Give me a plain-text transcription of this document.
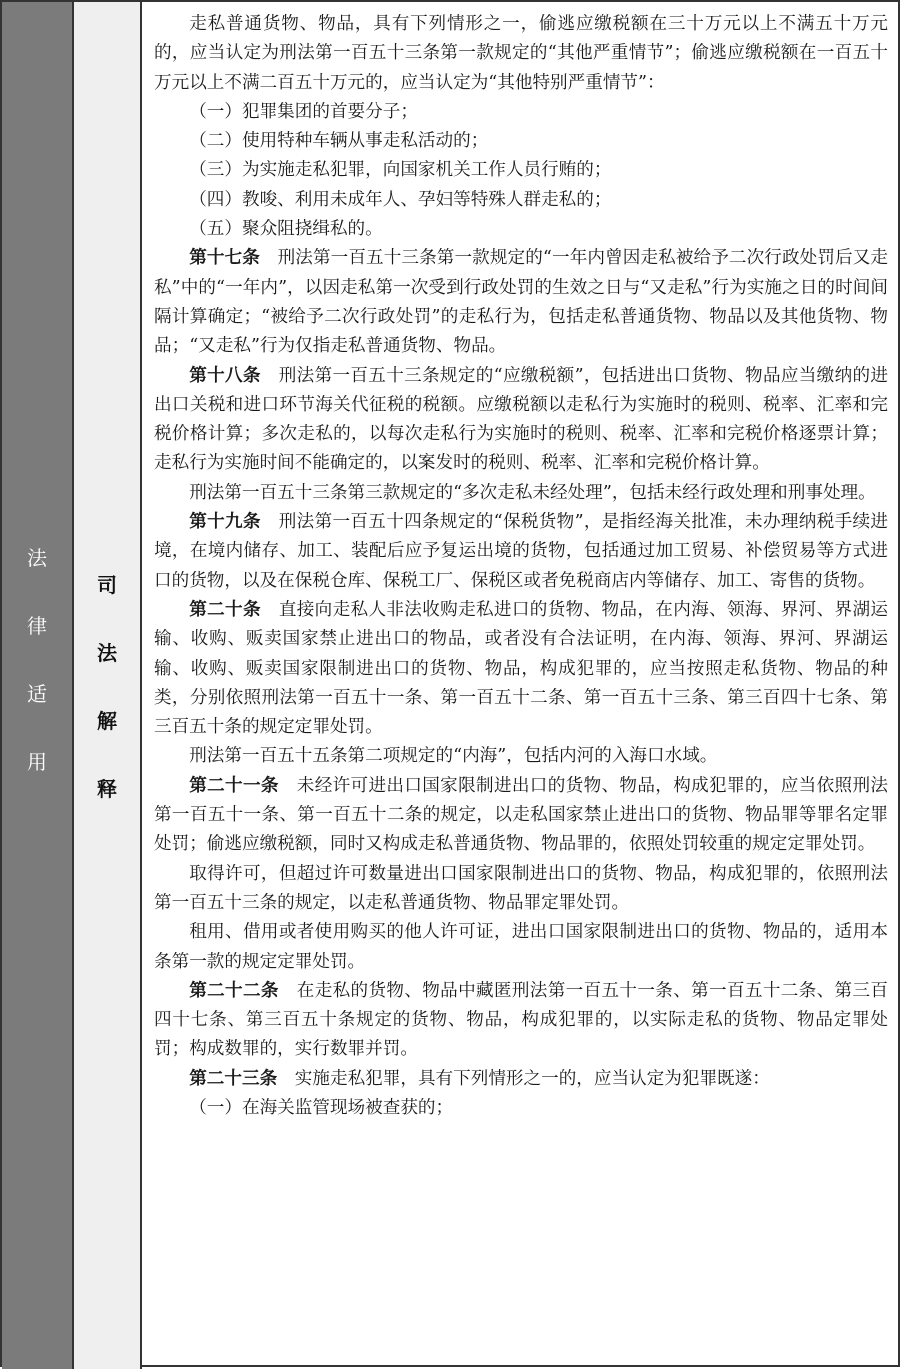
法
律
适
用
司
法
解
释

走私普通货物、物品，具有下列情形之一，偷逃应缴税额在三十万元以上不满五十万元的，应当认定为刑法第一百五十三条第一款规定的“其他严重情节”；偷逃应缴税额在一百五十万元以上不满二百五十万元的，应当认定为“其他特别严重情节”：

（一）犯罪集团的首要分子；

（二）使用特种车辆从事走私活动的；

（三）为实施走私犯罪，向国家机关工作人员行贿的；

（四）教唆、利用未成年人、孕妇等特殊人群走私的；

（五）聚众阻挠缉私的。

第十七条　 刑法第一百五十三条第一款规定的“一年内曾因走私被给予二次行政处罚后又走私”中的“一年内”，以因走私第一次受到行政处罚的生效之日与“又走私”行为实施之日的时间间隔计算确定；“被给予二次行政处罚”的走私行为，包括走私普通货物、物品以及其他货物、物品；“又走私”行为仅指走私普通货物、物品。

第十八条　 刑法第一百五十三条规定的“应缴税额”，包括进出口货物、物品应当缴纳的进出口关税和进口环节海关代征税的税额。应缴税额以走私行为实施时的税则、税率、汇率和完税价格计算；多次走私的，以每次走私行为实施时的税则、税率、汇率和完税价格逐票计算；走私行为实施时间不能确定的，以案发时的税则、税率、汇率和完税价格计算。

刑法第一百五十三条第三款规定的“多次走私未经处理”，包括未经行政处理和刑事处理。

第十九条　 刑法第一百五十四条规定的“保税货物”，是指经海关批准，未办理纳税手续进境，在境内储存、加工、装配后应予复运出境的货物，包括通过加工贸易、补偿贸易等方式进口的货物，以及在保税仓库、保税工厂、保税区或者免税商店内等储存、加工、寄售的货物。

第二十条　 直接向走私人非法收购走私进口的货物、物品，在内海、领海、界河、界湖运输、收购、贩卖国家禁止进出口的物品，或者没有合法证明，在内海、领海、界河、界湖运输、收购、贩卖国家限制进出口的货物、物品，构成犯罪的，应当按照走私货物、物品的种类，分别依照刑法第一百五十一条、第一百五十二条、第一百五十三条、第三百四十七条、第三百五十条的规定定罪处罚。

刑法第一百五十五条第二项规定的“内海”，包括内河的入海口水域。

第二十一条　 未经许可进出口国家限制进出口的货物、物品，构成犯罪的，应当依照刑法第一百五十一条、第一百五十二条的规定，以走私国家禁止进出口的货物、物品罪等罪名定罪处罚；偷逃应缴税额，同时又构成走私普通货物、物品罪的，依照处罚较重的规定定罪处罚。

取得许可，但超过许可数量进出口国家限制进出口的货物、物品，构成犯罪的，依照刑法第一百五十三条的规定，以走私普通货物、物品罪定罪处罚。

租用、借用或者使用购买的他人许可证，进出口国家限制进出口的货物、物品的，适用本条第一款的规定定罪处罚。

第二十二条　 在走私的货物、物品中藏匿刑法第一百五十一条、第一百五十二条、第三百四十七条、第三百五十条规定的货物、物品，构成犯罪的，以实际走私的货物、物品定罪处罚；构成数罪的，实行数罪并罚。

第二十三条　 实施走私犯罪，具有下列情形之一的，应当认定为犯罪既遂：

（一）在海关监管现场被查获的；
